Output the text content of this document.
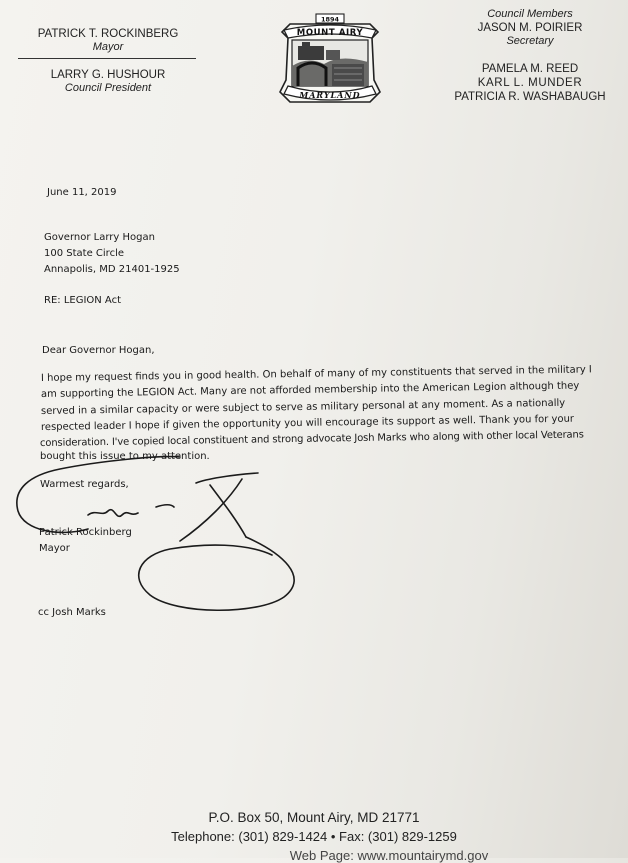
PATRICK T. ROCKINBERG
Mayor
LARRY G. HUSHOUR
Council President
1894
MOUNT AIRY
MARYLAND
Council Members
JASON M. POIRIER
Secretary
PAMELA M. REED
KARL L. MUNDER
PATRICIA R. WASHABAUGH
June 11, 2019
Governor Larry Hogan
100 State Circle
Annapolis, MD 21401-1925
RE: LEGION Act
Dear Governor Hogan,
I hope my request finds you in good health. On behalf of many of my constituents that served in the military I
am supporting the LEGION Act. Many are not afforded membership into the American Legion although they
served in a similar capacity or were subject to serve as military personal at any moment. As a nationally
respected leader I hope if given the opportunity you will encourage its support as well. Thank you for your
consideration. I've copied local constituent and strong advocate Josh Marks who along with other local Veterans
bought this issue to my attention.
Warmest regards,
Patrick Rockinberg
Mayor
cc Josh Marks
P.O. Box 50, Mount Airy, MD 21771
Telephone: (301) 829-1424 • Fax: (301) 829-1259
Web Page: www.mountairymd.gov
